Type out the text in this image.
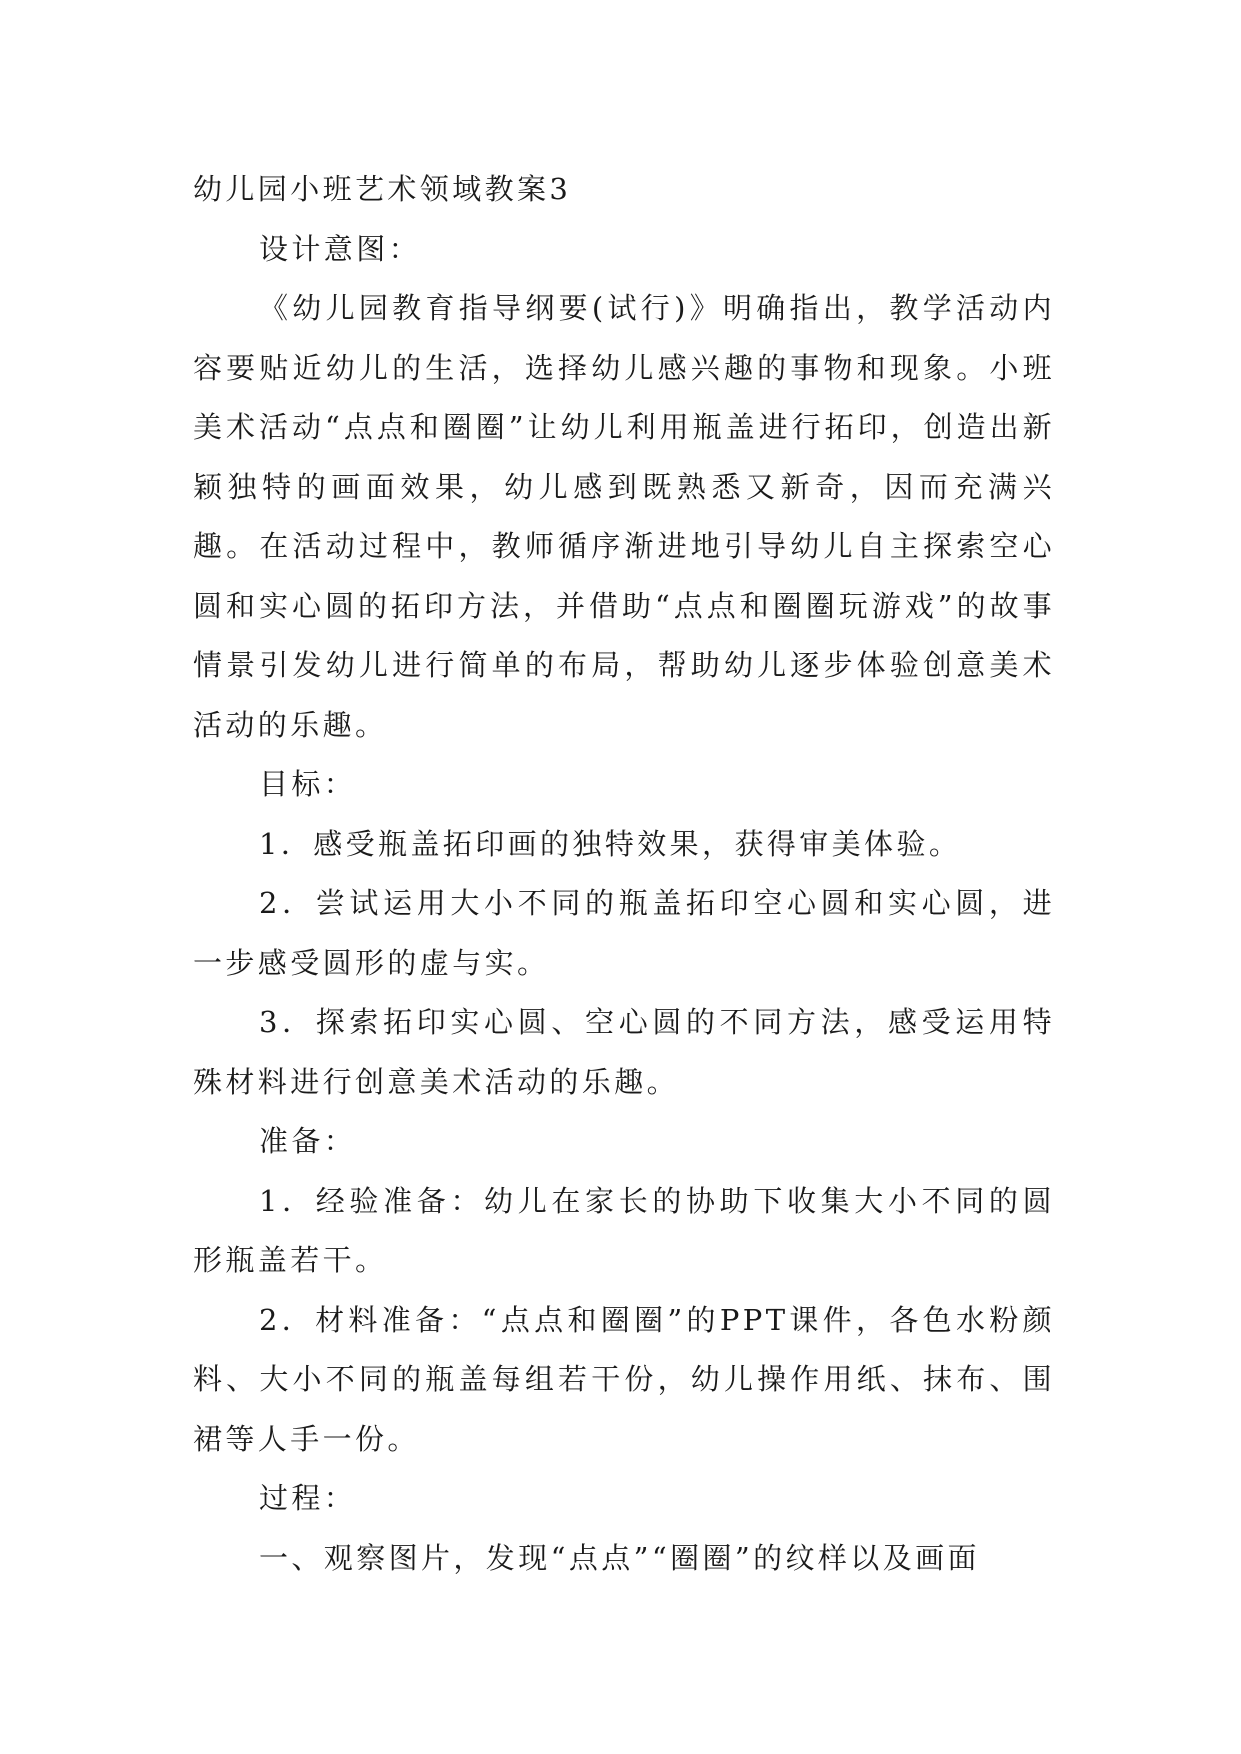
幼儿园小班艺术领域教案3

设计意图：

《幼儿园教育指导纲要(试行)》明确指出，教学活动内容要贴近幼儿的生活，选择幼儿感兴趣的事物和现象。小班美术活动“点点和圈圈”让幼儿利用瓶盖进行拓印，创造出新颖独特的画面效果，幼儿感到既熟悉又新奇，因而充满兴趣。在活动过程中，教师循序渐进地引导幼儿自主探索空心圆和实心圆的拓印方法，并借助“点点和圈圈玩游戏”的故事情景引发幼儿进行简单的布局，帮助幼儿逐步体验创意美术活动的乐趣。

目标：

1．感受瓶盖拓印画的独特效果，获得审美体验。

2．尝试运用大小不同的瓶盖拓印空心圆和实心圆，进一步感受圆形的虚与实。

3．探索拓印实心圆、空心圆的不同方法，感受运用特殊材料进行创意美术活动的乐趣。

准备：

1．经验准备：幼儿在家长的协助下收集大小不同的圆形瓶盖若干。

2．材料准备：“点点和圈圈”的PPT课件，各色水粉颜料、大小不同的瓶盖每组若干份，幼儿操作用纸、抹布、围裙等人手一份。

过程：

一、观察图片，发现“点点”“圈圈”的纹样以及画面
